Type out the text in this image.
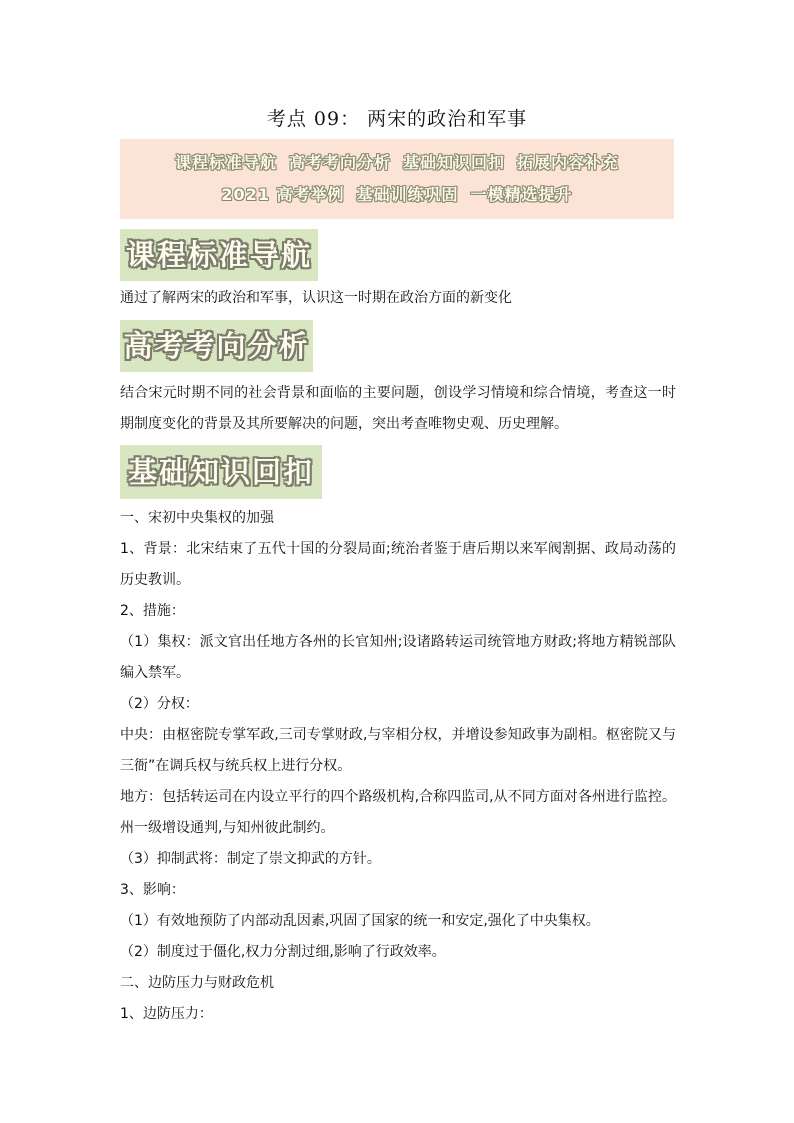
考点 09： 两宋的政治和军事
课程标准导航 高考考向分析 基础知识回扣 拓展内容补充
2021 高考举例 基础训练巩固 一模精选提升
课程标准导航
通过了解两宋的政治和军事，认识这一时期在政治方面的新变化
高考考向分析
结合宋元时期不同的社会背景和面临的主要问题，创设学习情境和综合情境，考查这一时期制度变化的背景及其所要解决的问题，突出考查唯物史观、历史理解。
基础知识回扣

一、宋初中央集权的加强

1、背景：北宋结束了五代十国的分裂局面;统治者鉴于唐后期以来军阀割据、政局动荡的历史教训。

2、措施：

（1）集权：派文官出任地方各州的长官知州;设诸路转运司统管地方财政;将地方精锐部队编入禁军。

（2）分权：

中央：由枢密院专掌军政,三司专掌财政,与宰相分权，并增设参知政事为副相。枢密院又与三衙”在调兵权与统兵权上进行分权。

地方：包括转运司在内设立平行的四个路级机构,合称四监司,从不同方面对各州进行监控。州一级增设通判,与知州彼此制约。

（3）抑制武将：制定了崇文抑武的方针。

3、影响：

（1）有效地预防了内部动乱因素,巩固了国家的统一和安定,强化了中央集权。

（2）制度过于僵化,权力分割过细,影响了行政效率。

二、边防压力与财政危机

1、边防压力：
